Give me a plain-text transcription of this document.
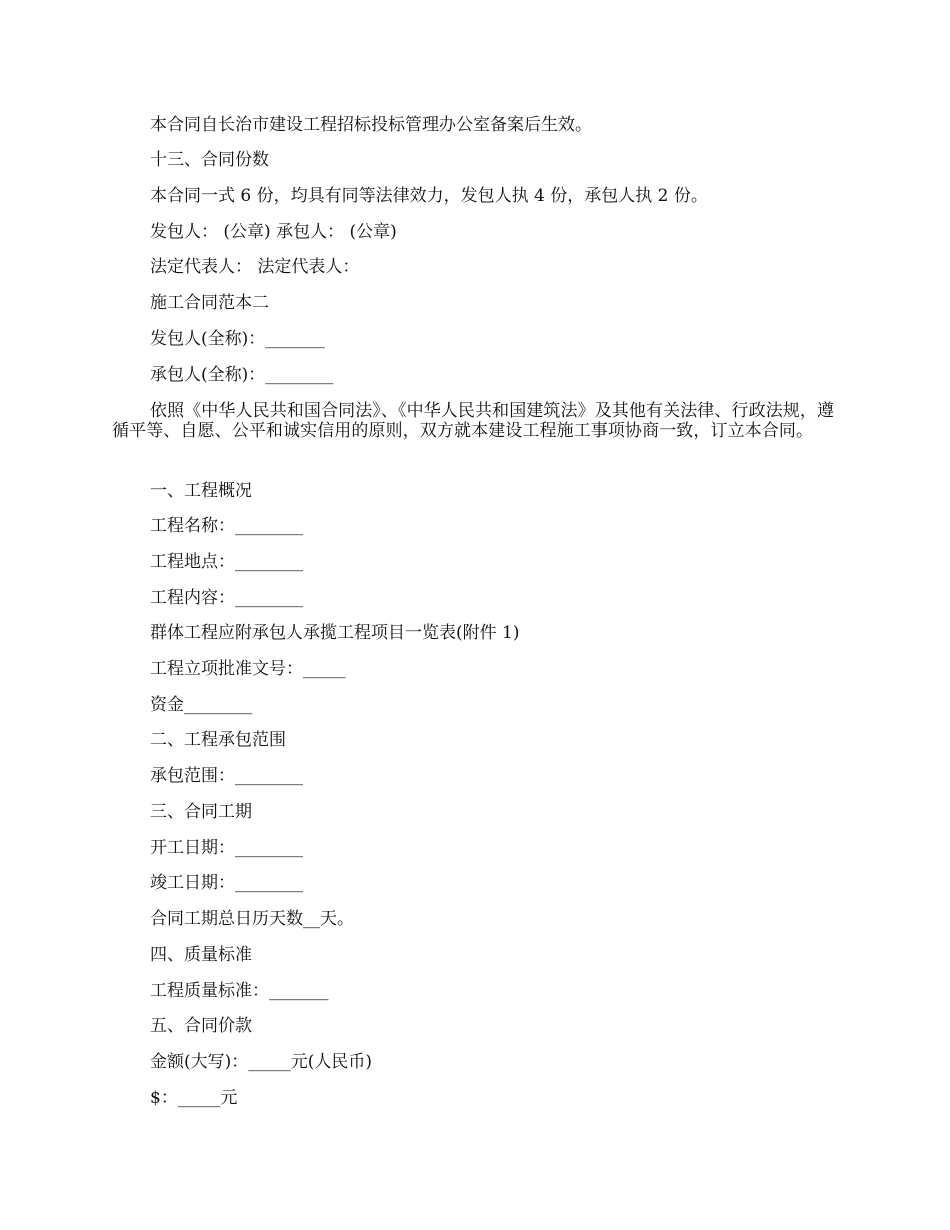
本合同自长治市建设工程招标投标管理办公室备案后生效。
十三、合同份数
本合同一式 6 份，均具有同等法律效力，发包人执 4 份，承包人执 2 份。
发包人： (公章) 承包人： (公章)
法定代表人： 法定代表人：
施工合同范本二
发包人(全称)：_______
承包人(全称)：________
依照《中华人民共和国合同法》、《中华人民共和国建筑法》及其他有关法律、行政法规，遵循平等、自愿、公平和诚实信用的原则，双方就本建设工程施工事项协商一致，订立本合同。
一、工程概况
工程名称：________
工程地点：________
工程内容：________
群体工程应附承包人承揽工程项目一览表(附件 1)
工程立项批准文号：_____
资金________
二、工程承包范围
承包范围：________
三、合同工期
开工日期：________
竣工日期：________
合同工期总日历天数__天。
四、质量标准
工程质量标准：_______
五、合同价款
金额(大写)：_____元(人民币)
$：_____元
